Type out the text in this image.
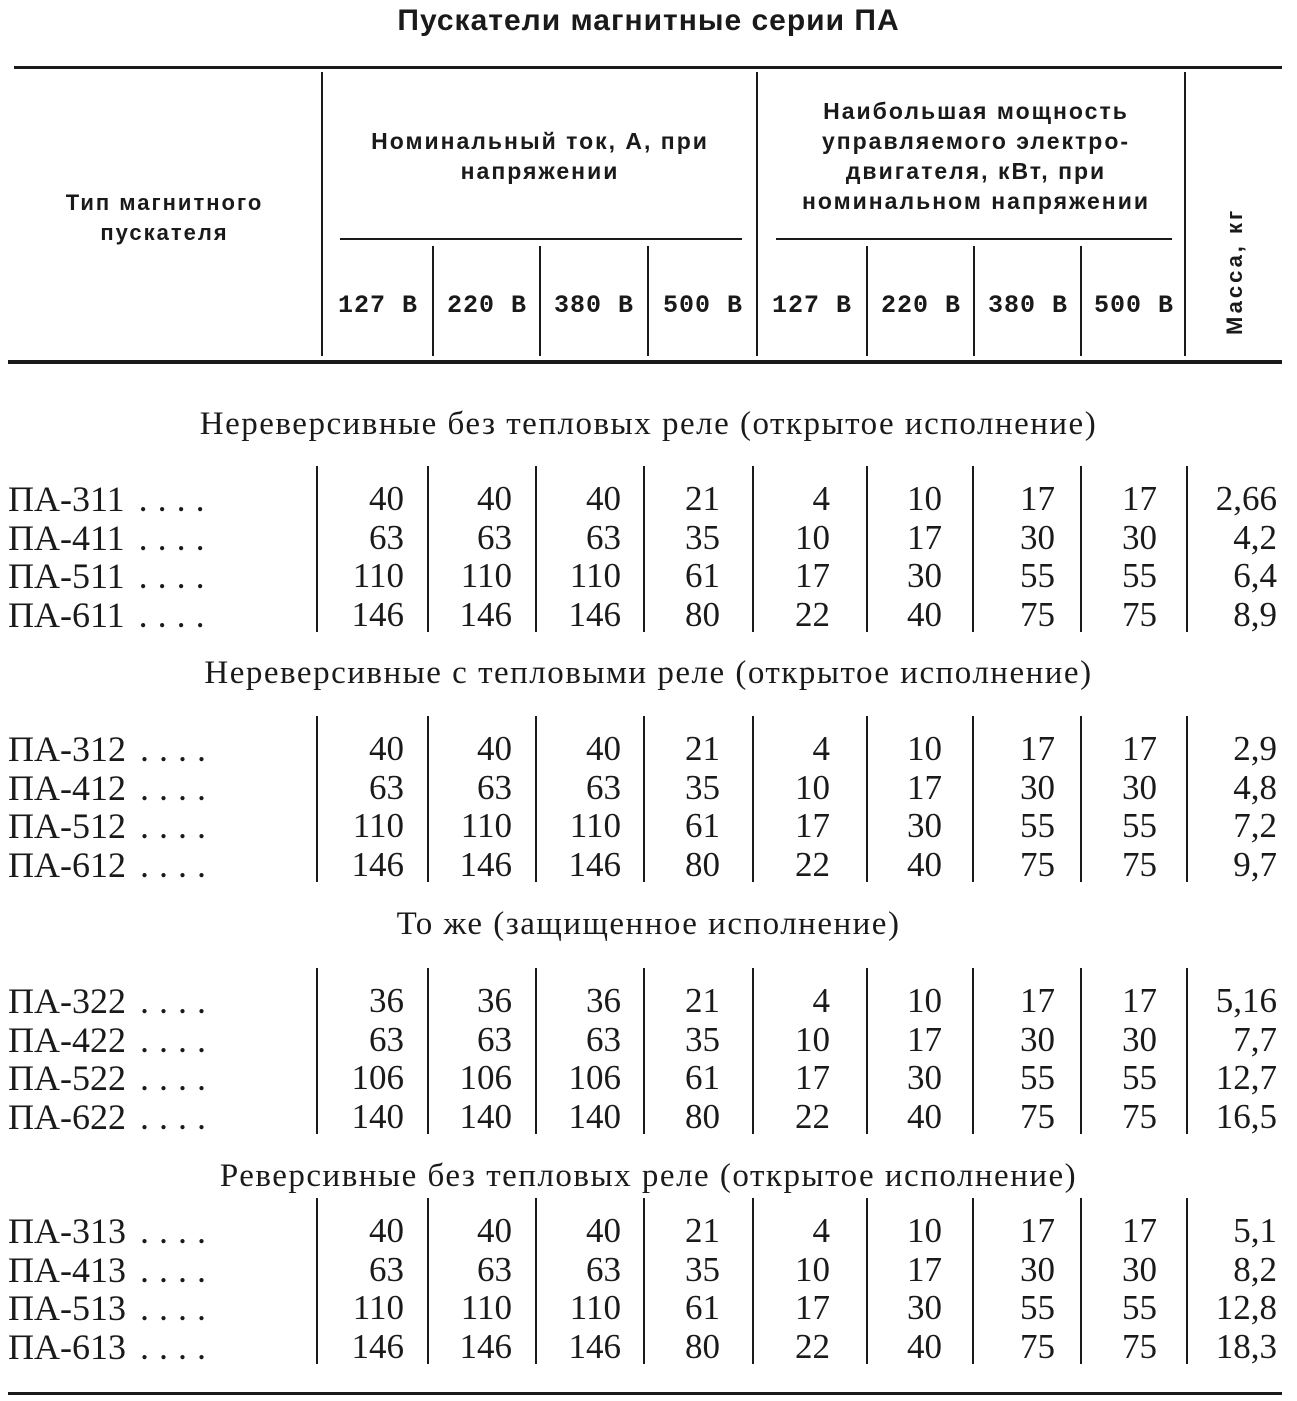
Пускатели магнитные серии ПА
Тип магнитного пускателя
Номинальный ток, А, при напряжении
Наибольшая мощность управляемого электро- двигателя, кВт, при номинальном напряжении
Масса, кг
127 В	220 В	380 В	500 В	127 В	220 В	380 В	500 В
Нереверсивные без тепловых реле (открытое исполнение)
ПА-311 ....	40	40	40	21	4	10	17	17	2,66
ПА-411 ....	63	63	63	35	10	17	30	30	4,2
ПА-511 ....	110	110	110	61	17	30	55	55	6,4
ПА-611 ....	146	146	146	80	22	40	75	75	8,9
Нереверсивные с тепловыми реле (открытое исполнение)
ПА-312 ....	40	40	40	21	4	10	17	17	2,9
ПА-412 ....	63	63	63	35	10	17	30	30	4,8
ПА-512 ....	110	110	110	61	17	30	55	55	7,2
ПА-612 ....	146	146	146	80	22	40	75	75	9,7
То же (защищенное исполнение)
ПА-322 ....	36	36	36	21	4	10	17	17	5,16
ПА-422 ....	63	63	63	35	10	17	30	30	7,7
ПА-522 ....	106	106	106	61	17	30	55	55	12,7
ПА-622 ....	140	140	140	80	22	40	75	75	16,5
Реверсивные без тепловых реле (открытое исполнение)
ПА-313 ....	40	40	40	21	4	10	17	17	5,1
ПА-413 ....	63	63	63	35	10	17	30	30	8,2
ПА-513 ....	110	110	110	61	17	30	55	55	12,8
ПА-613 ....	146	146	146	80	22	40	75	75	18,3
